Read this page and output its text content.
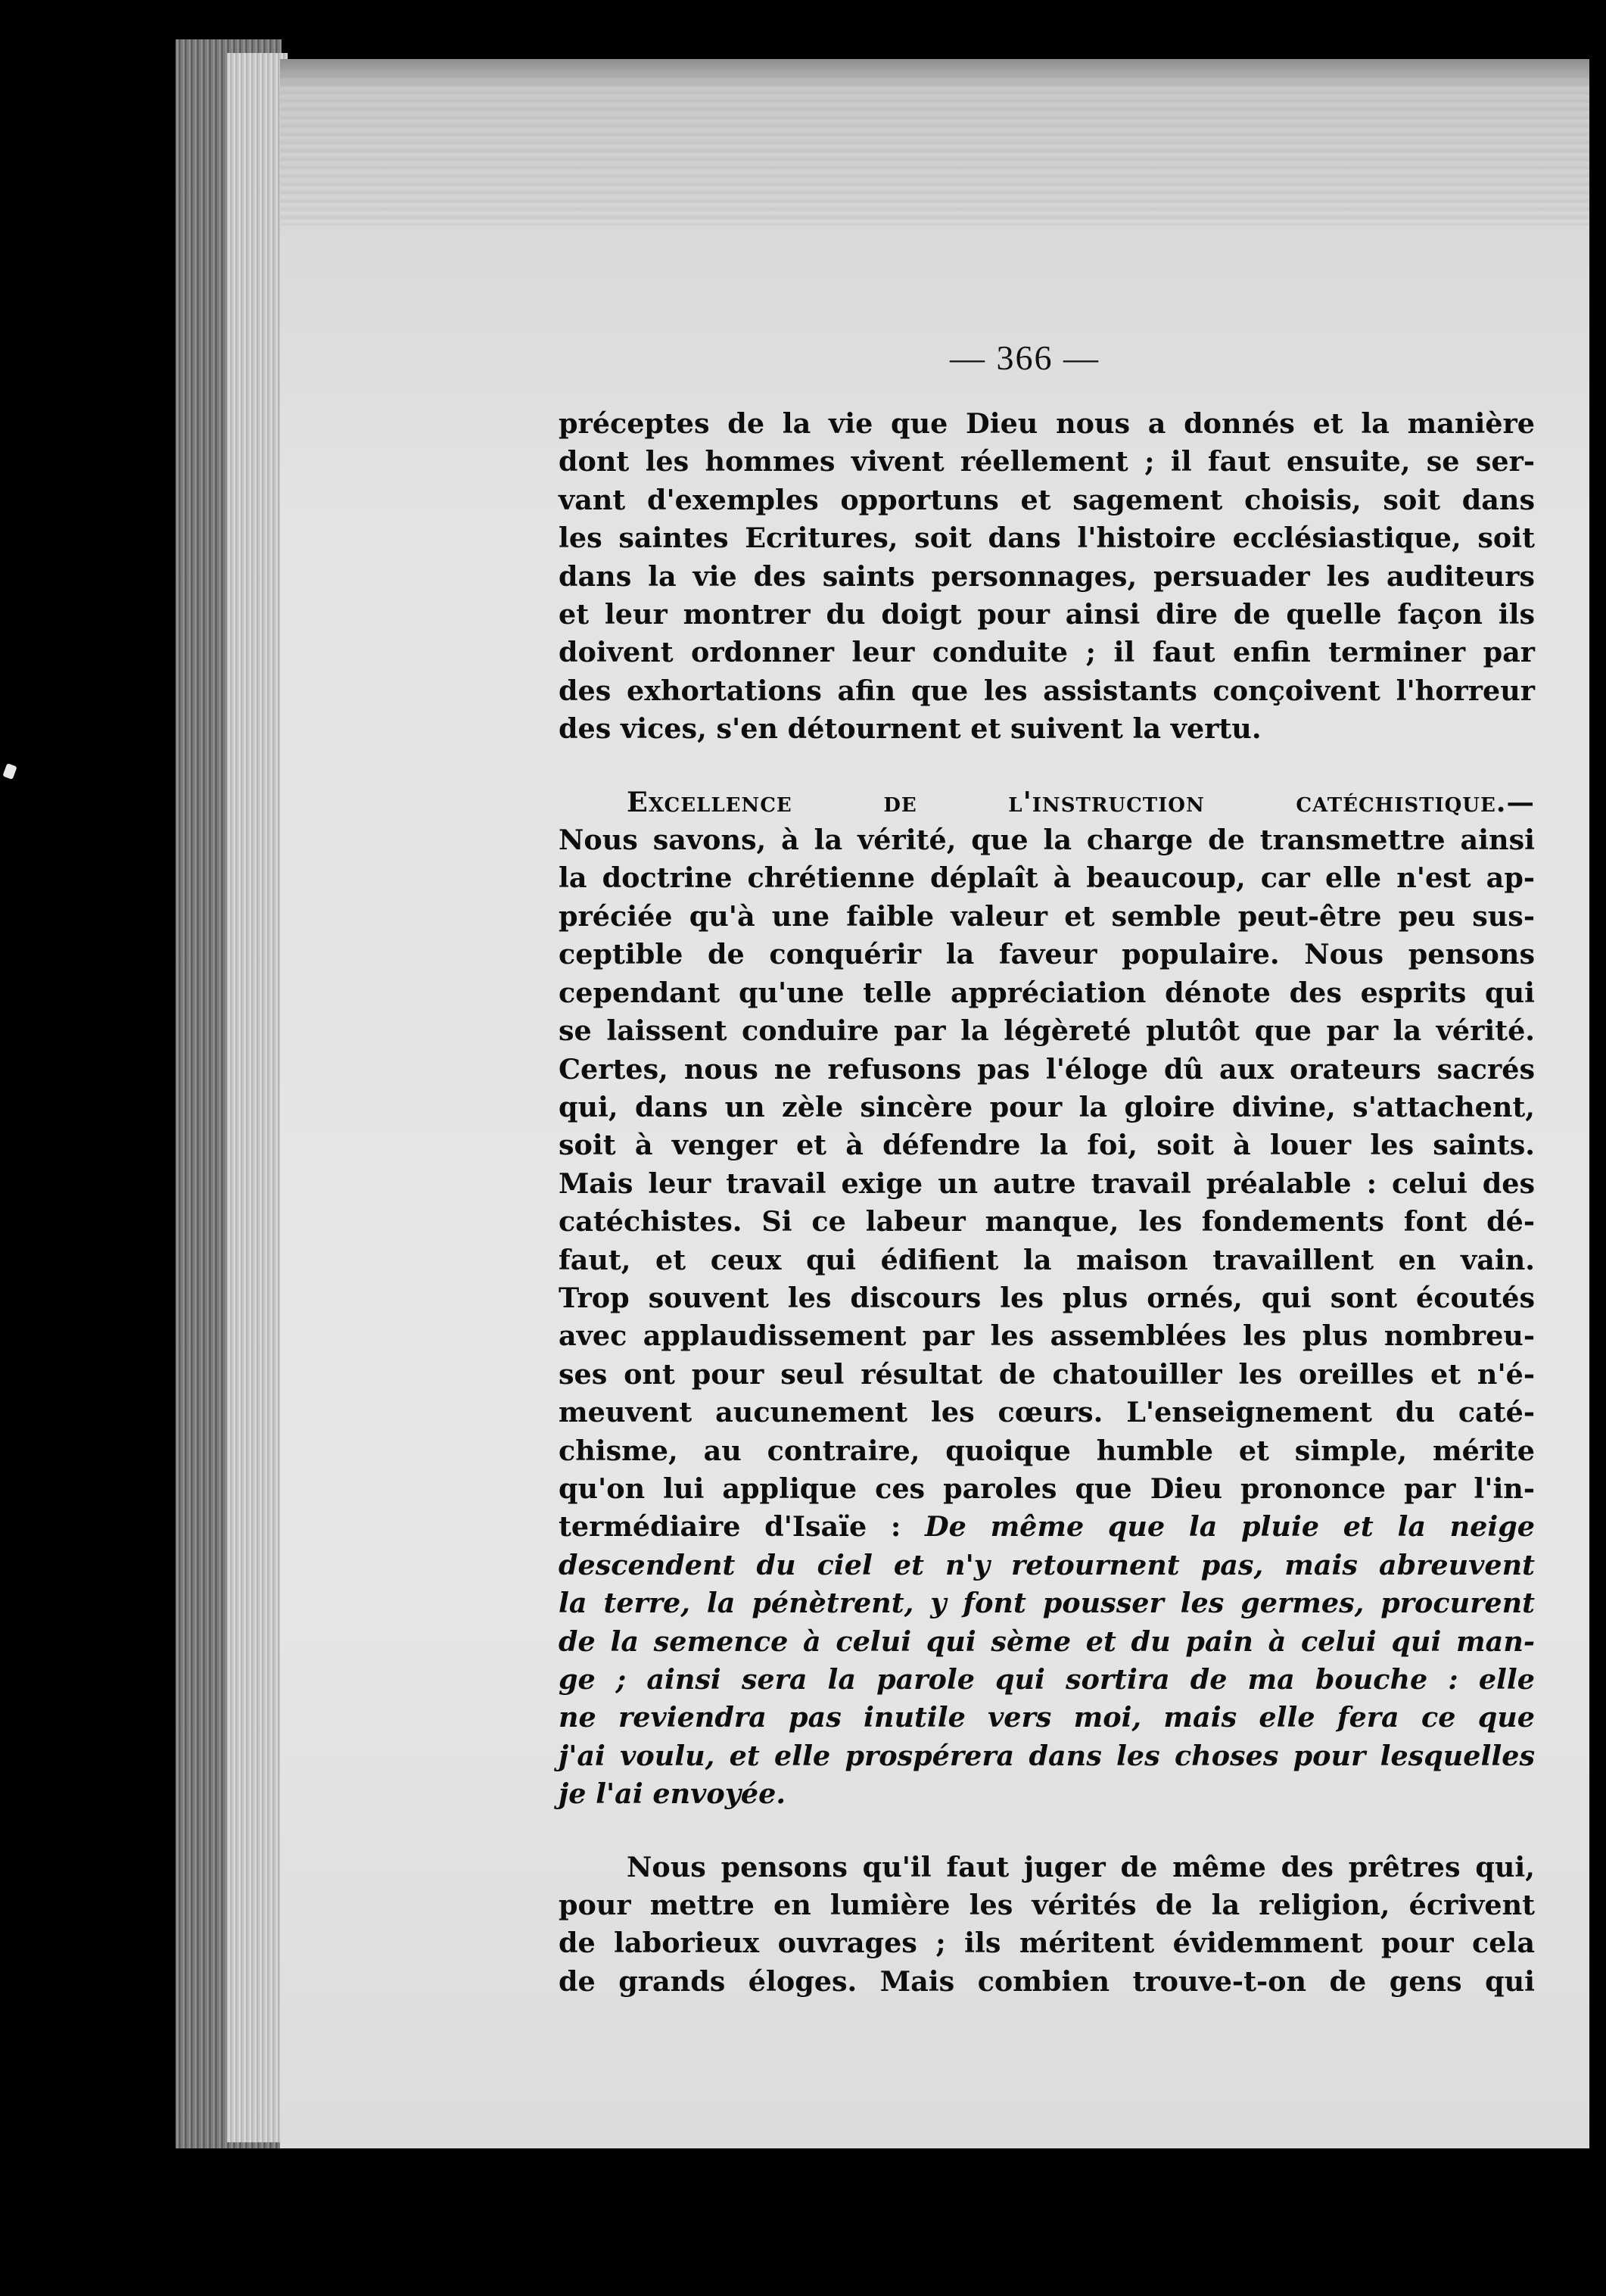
— 366 —
préceptes de la vie que Dieu nous a donnés et la manière
dont les hommes vivent réellement ; il faut ensuite, se ser-
vant d'exemples opportuns et sagement choisis, soit dans
les saintes Ecritures, soit dans l'histoire ecclésiastique, soit
dans la vie des saints personnages, persuader les auditeurs
et leur montrer du doigt pour ainsi dire de quelle façon ils
doivent ordonner leur conduite ; il faut enfin terminer par
des exhortations afin que les assistants conçoivent l'horreur
des vices, s'en détournent et suivent la vertu.
Excellence de l'instruction catéchistique.—
Nous savons, à la vérité, que la charge de transmettre ainsi
la doctrine chrétienne déplaît à beaucoup, car elle n'est ap-
préciée qu'à une faible valeur et semble peut-être peu sus-
ceptible de conquérir la faveur populaire. Nous pensons
cependant qu'une telle appréciation dénote des esprits qui
se laissent conduire par la légèreté plutôt que par la vérité.
Certes, nous ne refusons pas l'éloge dû aux orateurs sacrés
qui, dans un zèle sincère pour la gloire divine, s'attachent,
soit à venger et à défendre la foi, soit à louer les saints.
Mais leur travail exige un autre travail préalable : celui des
catéchistes. Si ce labeur manque, les fondements font dé-
faut, et ceux qui édifient la maison travaillent en vain.
Trop souvent les discours les plus ornés, qui sont écoutés
avec applaudissement par les assemblées les plus nombreu-
ses ont pour seul résultat de chatouiller les oreilles et n'é-
meuvent aucunement les cœurs. L'enseignement du caté-
chisme, au contraire, quoique humble et simple, mérite
qu'on lui applique ces paroles que Dieu prononce par l'in-
termédiaire d'Isaïe : De même que la pluie et la neige
descendent du ciel et n'y retournent pas, mais abreuvent
la terre, la pénètrent, y font pousser les germes, procurent
de la semence à celui qui sème et du pain à celui qui man-
ge ; ainsi sera la parole qui sortira de ma bouche : elle
ne reviendra pas inutile vers moi, mais elle fera ce que
j'ai voulu, et elle prospérera dans les choses pour lesquelles
je l'ai envoyée.
Nous pensons qu'il faut juger de même des prêtres qui,
pour mettre en lumière les vérités de la religion, écrivent
de laborieux ouvrages ; ils méritent évidemment pour cela
de grands éloges. Mais combien trouve-t-on de gens qui
